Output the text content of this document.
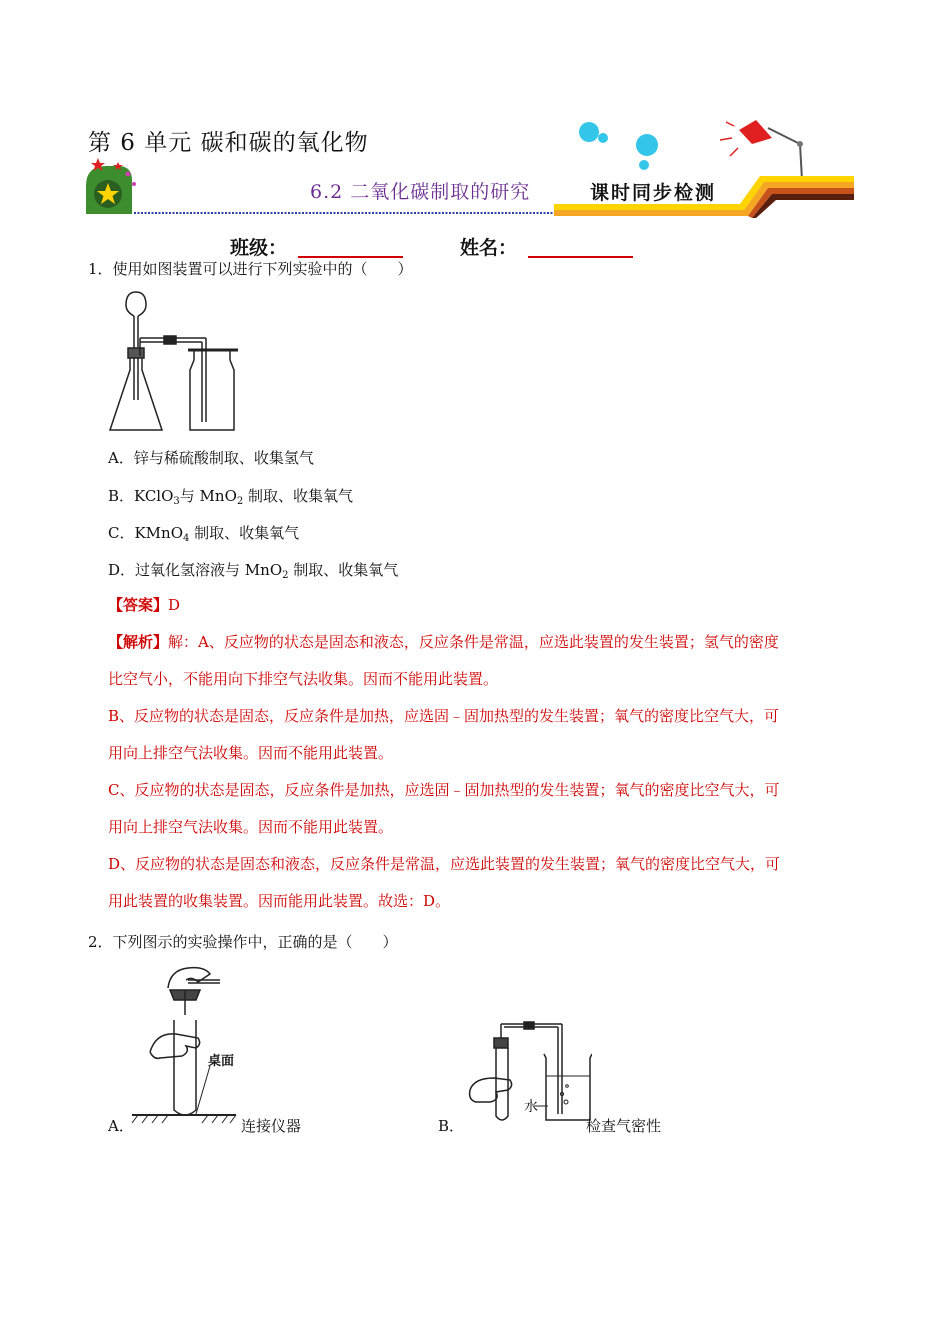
第 6 单元 碳和碳的氧化物
6.2 二氧化碳制取的研究	课时同步检测
班级：	姓名：
1．使用如图装置可以进行下列实验中的（　　）
A．锌与稀硫酸制取、收集氢气
B．KClO$_3$与 MnO$_2$ 制取、收集氧气
C．KMnO$_4$ 制取、收集氧气
D．过氧化氢溶液与 MnO$_2$ 制取、收集氧气
【答案】D
【解析】解：A、反应物的状态是固态和液态，反应条件是常温，应选此装置的发生装置；氢气的密度
比空气小，不能用向下排空气法收集。因而不能用此装置。
B、反应物的状态是固态，反应条件是加热，应选固﹣固加热型的发生装置；氧气的密度比空气大，可
用向上排空气法收集。因而不能用此装置。
C、反应物的状态是固态，反应条件是加热，应选固﹣固加热型的发生装置；氧气的密度比空气大，可
用向上排空气法收集。因而不能用此装置。
D、反应物的状态是固态和液态，反应条件是常温，应选此装置的发生装置；氧气的密度比空气大，可
用此装置的收集装置。因而能用此装置。故选：D。
2．下列图示的实验操作中，正确的是（　　）
桌面
A．	连接仪器
水
B．	检查气密性
